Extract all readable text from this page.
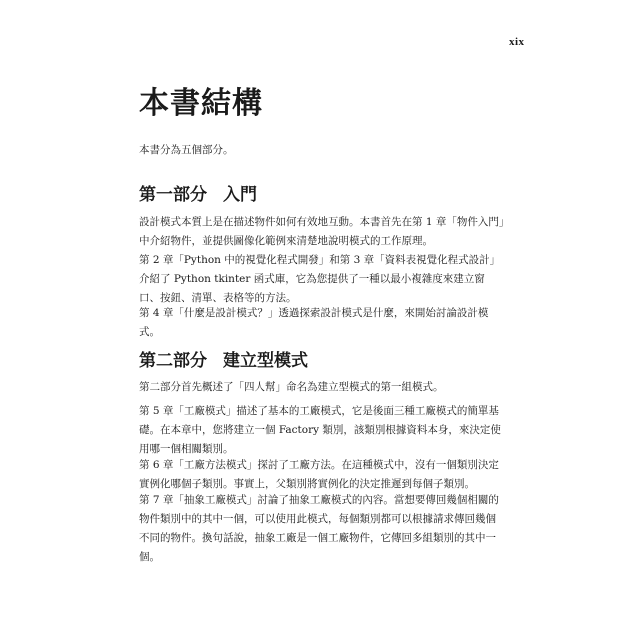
xix
本書結構

本書分為五個部分。

第一部分 入門

設計模式本質上是在描述物件如何有效地互動。本書首先在第 1 章「物件入門」中介紹物件，並提供圖像化範例來清楚地說明模式的工作原理。

第 2 章「Python 中的視覺化程式開發」和第 3 章「資料表視覺化程式設計」介紹了 Python tkinter 函式庫，它為您提供了一種以最小複雜度來建立窗口、按鈕、清單、表格等的方法。

第 4 章「什麼是設計模式？」透過探索設計模式是什麼，來開始討論設計模式。

第二部分 建立型模式

第二部分首先概述了「四人幫」命名為建立型模式的第一組模式。

第 5 章「工廠模式」描述了基本的工廠模式，它是後面三種工廠模式的簡單基礎。在本章中，您將建立一個 Factory 類別，該類別根據資料本身，來決定使用哪一個相關類別。

第 6 章「工廠方法模式」探討了工廠方法。在這種模式中，沒有一個類別決定實例化哪個子類別。事實上，父類別將實例化的決定推遲到每個子類別。

第 7 章「抽象工廠模式」討論了抽象工廠模式的內容。當想要傳回幾個相關的物件類別中的其中一個，可以使用此模式，每個類別都可以根據請求傳回幾個不同的物件。換句話說，抽象工廠是一個工廠物件，它傳回多組類別的其中一個。
